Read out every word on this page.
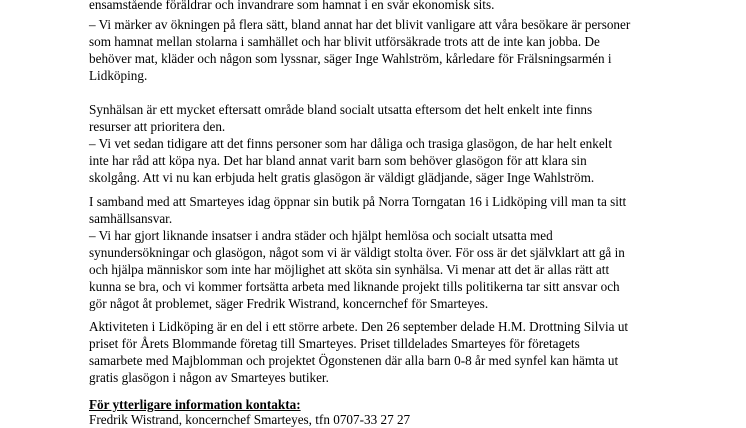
ensamstående föräldrar och invandrare som hamnat i en svår ekonomisk sits.
– Vi märker av ökningen på flera sätt, bland annat har det blivit vanligare att våra besökare är personer
som hamnat mellan stolarna i samhället och har blivit utförsäkrade trots att de inte kan jobba. De
behöver mat, kläder och någon som lyssnar, säger Inge Wahlström, kårledare för Frälsningsarmén i
Lidköping.
Synhälsan är ett mycket eftersatt område bland socialt utsatta eftersom det helt enkelt inte finns
resurser att prioritera den.
– Vi vet sedan tidigare att det finns personer som har dåliga och trasiga glasögon, de har helt enkelt
inte har råd att köpa nya. Det har bland annat varit barn som behöver glasögon för att klara sin
skolgång. Att vi nu kan erbjuda helt gratis glasögon är väldigt glädjande, säger Inge Wahlström.
I samband med att Smarteyes idag öppnar sin butik på Norra Torngatan 16 i Lidköping vill man ta sitt
samhällsansvar.
– Vi har gjort liknande insatser i andra städer och hjälpt hemlösa och socialt utsatta med
synundersökningar och glasögon, något som vi är väldigt stolta över. För oss är det självklart att gå in
och hjälpa människor som inte har möjlighet att sköta sin synhälsa. Vi menar att det är allas rätt att
kunna se bra, och vi kommer fortsätta arbeta med liknande projekt tills politikerna tar sitt ansvar och
gör något åt problemet, säger Fredrik Wistrand, koncernchef för Smarteyes.
Aktiviteten i Lidköping är en del i ett större arbete. Den 26 september delade H.M. Drottning Silvia ut
priset för Årets Blommande företag till Smarteyes. Priset tilldelades Smarteyes för företagets
samarbete med Majblomman och projektet Ögonstenen där alla barn 0-8 år med synfel kan hämta ut
gratis glasögon i någon av Smarteyes butiker.
För ytterligare information kontakta:
Fredrik Wistrand, koncernchef Smarteyes, tfn 0707-33 27 27
